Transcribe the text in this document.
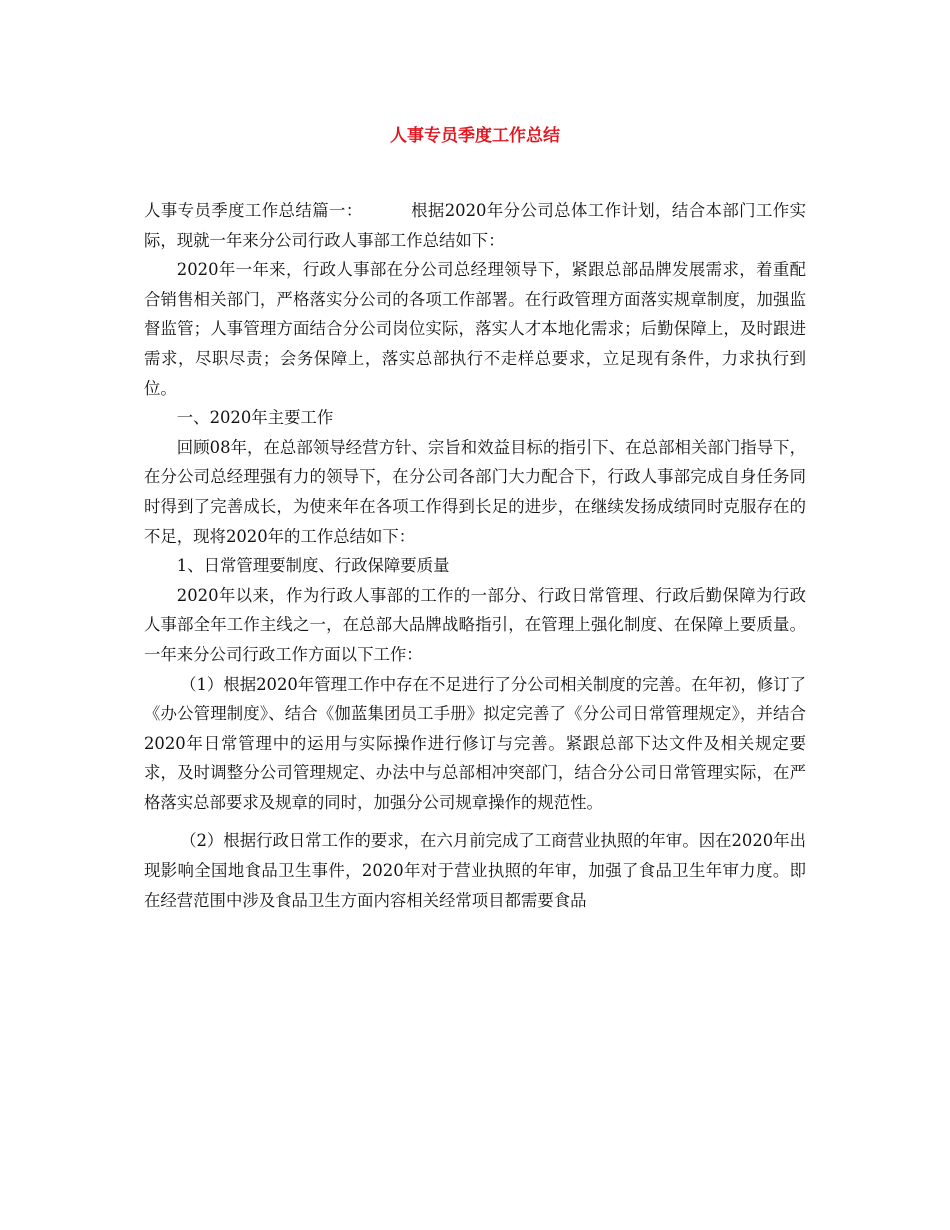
人事专员季度工作总结

人事专员季度工作总结篇一：	根据2020年分公司总体工作计划，结合本部门工作实际，现就一年来分公司行政人事部工作总结如下：

2020年一年来，行政人事部在分公司总经理领导下，紧跟总部品牌发展需求，着重配合销售相关部门，严格落实分公司的各项工作部署。在行政管理方面落实规章制度，加强监督监管；人事管理方面结合分公司岗位实际，落实人才本地化需求；后勤保障上，及时跟进需求，尽职尽责；会务保障上，落实总部执行不走样总要求，立足现有条件，力求执行到位。

一、2020年主要工作

回顾08年，在总部领导经营方针、宗旨和效益目标的指引下、在总部相关部门指导下，在分公司总经理强有力的领导下，在分公司各部门大力配合下，行政人事部完成自身任务同时得到了完善成长，为使来年在各项工作得到长足的进步，在继续发扬成绩同时克服存在的不足，现将2020年的工作总结如下：

1、日常管理要制度、行政保障要质量

2020年以来，作为行政人事部的工作的一部分、行政日常管理、行政后勤保障为行政人事部全年工作主线之一，在总部大品牌战略指引，在管理上强化制度、在保障上要质量。一年来分公司行政工作方面以下工作：

（1）根据2020年管理工作中存在不足进行了分公司相关制度的完善。在年初，修订了《办公管理制度》、结合《伽蓝集团员工手册》拟定完善了《分公司日常管理规定》，并结合2020年日常管理中的运用与实际操作进行修订与完善。紧跟总部下达文件及相关规定要求，及时调整分公司管理规定、办法中与总部相冲突部门，结合分公司日常管理实际，在严格落实总部要求及规章的同时，加强分公司规章操作的规范性。

（2）根据行政日常工作的要求，在六月前完成了工商营业执照的年审。因在2020年出现影响全国地食品卫生事件，2020年对于营业执照的年审，加强了食品卫生年审力度。即在经营范围中涉及食品卫生方面内容相关经常项目都需要食品
